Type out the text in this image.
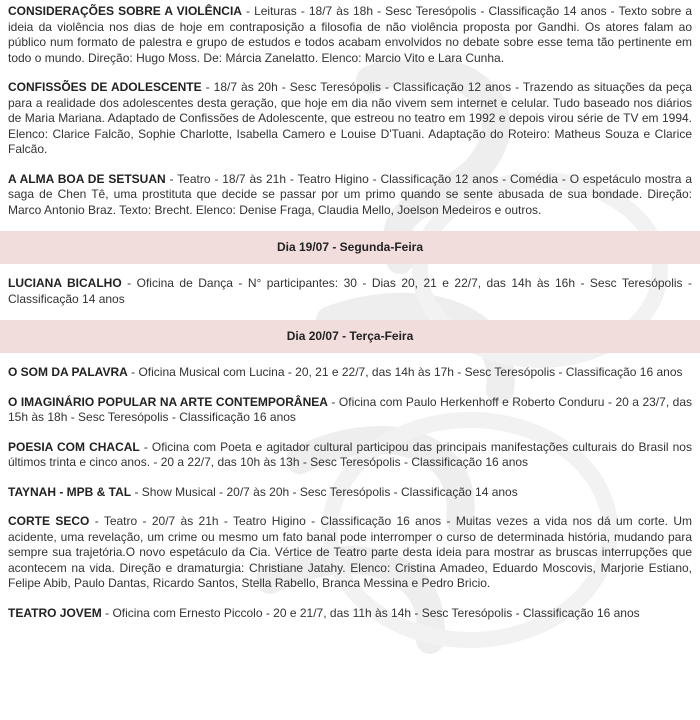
CONSIDERAÇÕES SOBRE A VIOLÊNCIA - Leituras - 18/7 às 18h - Sesc Teresópolis - Classificação 14 anos - Texto sobre a ideia da violência nos dias de hoje em contraposição a filosofia de não violência proposta por Gandhi. Os atores falam ao público num formato de palestra e grupo de estudos e todos acabam envolvidos no debate sobre esse tema tão pertinente em todo o mundo. Direção: Hugo Moss. De: Márcia Zanelatto. Elenco: Marcio Vito e Lara Cunha.
CONFISSÕES DE ADOLESCENTE - 18/7 às 20h - Sesc Teresópolis - Classificação 12 anos - Trazendo as situações da peça para a realidade dos adolescentes desta geração, que hoje em dia não vivem sem internet e celular. Tudo baseado nos diários de Maria Mariana. Adaptado de Confissões de Adolescente, que estreou no teatro em 1992 e depois virou série de TV em 1994. Elenco: Clarice Falcão, Sophie Charlotte, Isabella Camero e Louise D'Tuani. Adaptação do Roteiro: Matheus Souza e Clarice Falcão.
A ALMA BOA DE SETSUAN - Teatro - 18/7 às 21h - Teatro Higino - Classificação 12 anos - Comédia - O espetáculo mostra a saga de Chen Tê, uma prostituta que decide se passar por um primo quando se sente abusada de sua bondade. Direção: Marco Antonio Braz. Texto: Brecht. Elenco: Denise Fraga, Claudia Mello, Joelson Medeiros e outros.
Dia 19/07 - Segunda-Feira
LUCIANA BICALHO - Oficina de Dança - N° participantes: 30 - Dias 20, 21 e 22/7, das 14h às 16h - Sesc Teresópolis - Classificação 14 anos
Dia 20/07 - Terça-Feira
O SOM DA PALAVRA - Oficina Musical com Lucina - 20, 21 e 22/7, das 14h às 17h - Sesc Teresópolis - Classificação 16 anos
O IMAGINÁRIO POPULAR NA ARTE CONTEMPORÂNEA - Oficina com Paulo Herkenhoff e Roberto Conduru - 20 a 23/7, das 15h às 18h - Sesc Teresópolis - Classificação 16 anos
POESIA COM CHACAL - Oficina com Poeta e agitador cultural participou das principais manifestações culturais do Brasil nos últimos trinta e cinco anos. - 20 a 22/7, das 10h às 13h - Sesc Teresópolis - Classificação 16 anos
TAYNAH - MPB & TAL - Show Musical - 20/7 às 20h - Sesc Teresópolis - Classificação 14 anos
CORTE SECO - Teatro - 20/7 às 21h - Teatro Higino - Classificação 16 anos - Muitas vezes a vida nos dá um corte. Um acidente, uma revelação, um crime ou mesmo um fato banal pode interromper o curso de determinada história, mudando para sempre sua trajetória.O novo espetáculo da Cia. Vértice de Teatro parte desta ideia para mostrar as bruscas interrupções que acontecem na vida. Direção e dramaturgia: Christiane Jatahy. Elenco: Cristina Amadeo, Eduardo Moscovis, Marjorie Estiano, Felipe Abib, Paulo Dantas, Ricardo Santos, Stella Rabello, Branca Messina e Pedro Bricio.
TEATRO JOVEM - Oficina com Ernesto Piccolo - 20 e 21/7, das 11h às 14h - Sesc Teresópolis - Classificação 16 anos
